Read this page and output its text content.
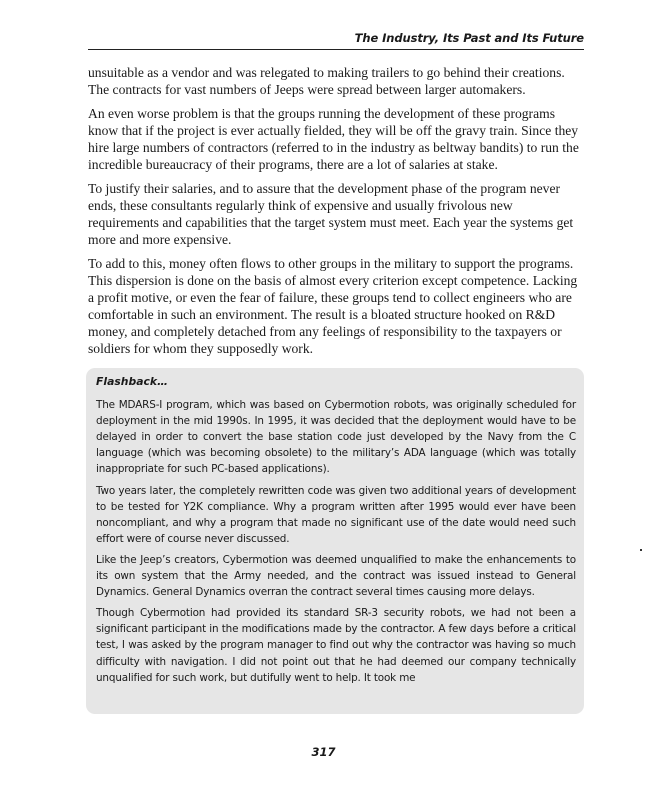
The Industry, Its Past and Its Future

unsuitable as a vendor and was relegated to making trailers to go behind their creations. The contracts for vast numbers of Jeeps were spread between larger automakers.

An even worse problem is that the groups running the development of these programs know that if the project is ever actually fielded, they will be off the gravy train. Since they hire large numbers of contractors (referred to in the industry as beltway bandits) to run the incredible bureaucracy of their programs, there are a lot of salaries at stake.

To justify their salaries, and to assure that the development phase of the program never ends, these consultants regularly think of expensive and usually frivolous new requirements and capabilities that the target system must meet. Each year the systems get more and more expensive.

To add to this, money often flows to other groups in the military to support the programs. This dispersion is done on the basis of almost every criterion except competence. Lacking a profit motive, or even the fear of failure, these groups tend to collect engineers who are comfortable in such an environment. The result is a bloated structure hooked on R&D money, and completely detached from any feelings of responsibility to the taxpayers or soldiers for whom they supposedly work.

Flashback…

The MDARS-I program, which was based on Cybermotion robots, was originally scheduled for deployment in the mid 1990s. In 1995, it was decided that the deployment would have to be delayed in order to convert the base station code just developed by the Navy from the C language (which was becoming obsolete) to the military’s ADA language (which was totally inappropriate for such PC-based applications).

Two years later, the completely rewritten code was given two additional years of development to be tested for Y2K compliance. Why a program written after 1995 would ever have been noncompliant, and why a program that made no significant use of the date would need such effort were of course never discussed.

Like the Jeep’s creators, Cybermotion was deemed unqualified to make the enhancements to its own system that the Army needed, and the contract was issued instead to General Dynamics. General Dynamics overran the contract several times causing more delays.

Though Cybermotion had provided its standard SR-3 security robots, we had not been a significant participant in the modifications made by the contractor. A few days before a critical test, I was asked by the program manager to find out why the contractor was having so much difficulty with navigation. I did not point out that he had deemed our company technically unqualified for such work, but dutifully went to help. It took me

317
